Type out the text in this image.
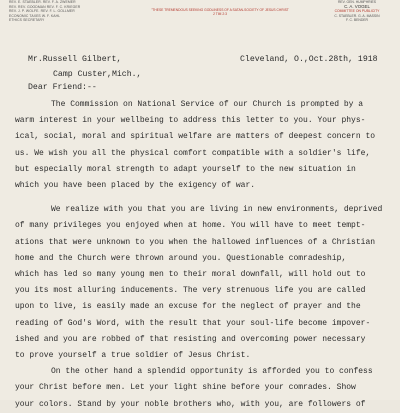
REV. E. STAEBLER. REV. F. A. ZWEMER
REV. REV. GOODMAN REV. F. C. KRIEGER
REV. J. P. WOLFE. REV. F. L. GOLLMER
ECONOMIC TAXES W. F. KAHL
ETHICS SECRETARY
"THESE TREMENDOUS SEEKING GODLINESS OF A SATAN-SOCIETY OF JESUS CHRIST
2 TIM 2:3
REV. GEN. HUMPHRIES
C. A. VOGEL
COMMITTEE ON PUBLICITY
C. STAEBLER. G. A. MASSIN
F. C. BENDER
Mr.Russell Gilbert,
Camp Custer,Mich.,
Cleveland, O.,Oct.28th, 1918
Dear Friend:--
The Commission on National Service of our Church is prompted by a
warm interest in your wellbeing to address this letter to you. Your phys-
ical, social, moral and spiritual welfare are matters of deepest concern to
us. We wish you all the physical comfort compatible with a soldier's life,
but especially moral strength to adapt yourself to the new situation in
which you have been placed by the exigency of war.
We realize with you that you are living in new environments, deprived
of many privileges you enjoyed when at home. You will have to meet tempt-
ations that were unknown to you when the hallowed influences of a Christian
home and the Church were thrown around you. Questionable comradeship,
which has led so many young men to their moral downfall, will hold out to
you its most alluring inducements. The very strenuous life you are called
upon to live, is easily made an excuse for the neglect of prayer and the
reading of God's Word, with the result that your soul-life become impover-
ished and you are robbed of that resisting and overcoming power necessary
to prove yourself a true soldier of Jesus Christ.
On the other hand a splendid opportunity is afforded you to confess
your Christ before men. Let your light shine before your comrades. Show
your colors. Stand by your noble brothers who, with you, are followers of
